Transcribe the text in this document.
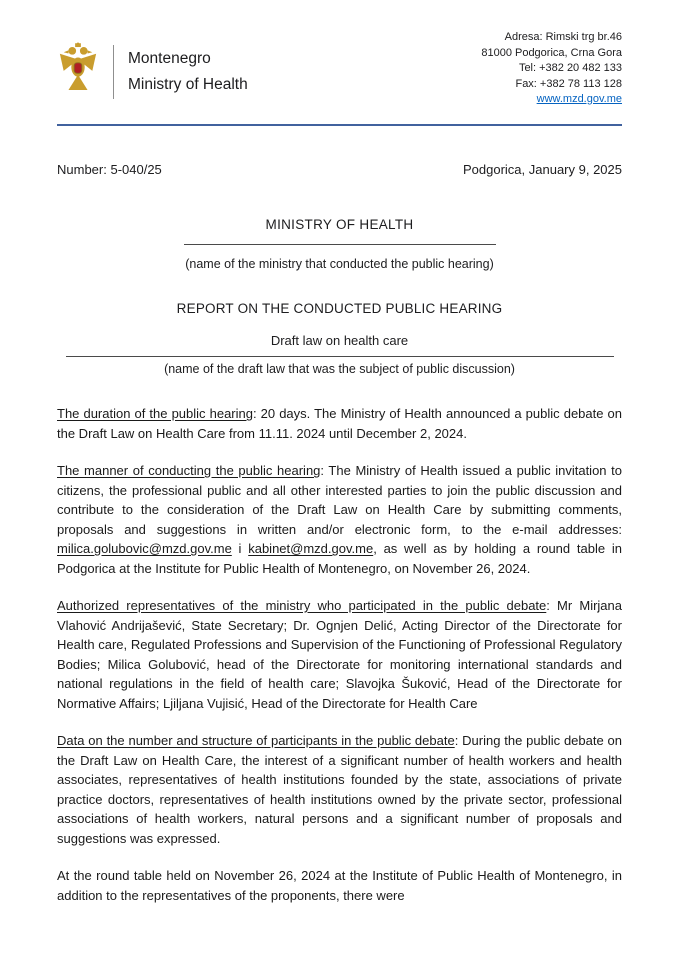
Montenegro
Ministry of Health
Adresa: Rimski trg br.46
81000 Podgorica, Crna Gora
Tel: +382 20 482 133
Fax: +382 78 113 128
www.mzd.gov.me
Number: 5-040/25	Podgorica, January 9, 2025
MINISTRY OF HEALTH
(name of the ministry that conducted the public hearing)
REPORT ON THE CONDUCTED PUBLIC HEARING
Draft law on health care
(name of the draft law that was the subject of public discussion)

The duration of the public hearing: 20 days. The Ministry of Health announced a public debate on the Draft Law on Health Care from 11.11. 2024 until December 2, 2024.

The manner of conducting the public hearing: The Ministry of Health issued a public invitation to citizens, the professional public and all other interested parties to join the public discussion and contribute to the consideration of the Draft Law on Health Care by submitting comments, proposals and suggestions in written and/or electronic form, to the e-mail addresses: milica.golubovic@mzd.gov.me i kabinet@mzd.gov.me, as well as by holding a round table in Podgorica at the Institute for Public Health of Montenegro, on November 26, 2024.

Authorized representatives of the ministry who participated in the public debate: Mr Mirjana Vlahović Andrijašević, State Secretary; Dr. Ognjen Delić, Acting Director of the Directorate for Health care, Regulated Professions and Supervision of the Functioning of Professional Regulatory Bodies; Milica Golubović, head of the Directorate for monitoring international standards and national regulations in the field of health care; Slavojka Šuković, Head of the Directorate for Normative Affairs; Ljiljana Vujisić, Head of the Directorate for Health Care

Data on the number and structure of participants in the public debate: During the public debate on the Draft Law on Health Care, the interest of a significant number of health workers and health associates, representatives of health institutions founded by the state, associations of private practice doctors, representatives of health institutions owned by the private sector, professional associations of health workers, natural persons and a significant number of proposals and suggestions was expressed.

At the round table held on November 26, 2024 at the Institute of Public Health of Montenegro, in addition to the representatives of the proponents, there were
